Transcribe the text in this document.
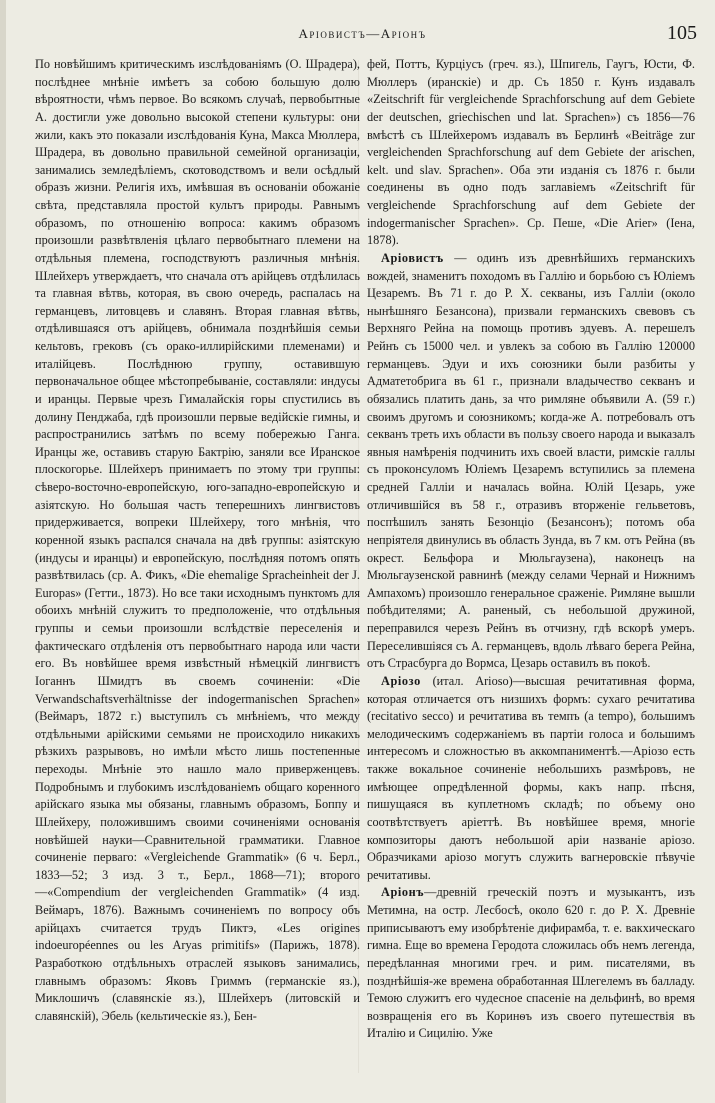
Аріовистъ—Аріонъ	105

По новѣйшимъ критическимъ изслѣдованіямъ (О. Шрадера), послѣднее мнѣніе имѣетъ за собою большую долю вѣроятности, чѣмъ первое. Во всякомъ случаѣ, первобытные А. достигли уже довольно высокой степени культуры: они жили, какъ это показали изслѣдованія Куна, Макса Мюллера, Шрадера, въ довольно правильной семейной организаціи, занимались земледѣліемъ, скотоводствомъ и вели осѣдлый образъ жизни. Религія ихъ, имѣвшая въ основаніи обожаніе свѣта, представляла простой культъ природы. Равнымъ образомъ, по отношенію вопроса: какимъ образомъ произошли развѣтвленія цѣлаго первобытнаго племени на отдѣльныя племена, господствуютъ различныя мнѣнія. Шлейхеръ утверждаетъ, что сначала отъ арійцевъ отдѣлилась та главная вѣтвь, которая, въ свою очередь, распалась на германцевъ, литовцевъ и славянъ. Вторая главная вѣтвь, отдѣлившаяся отъ арійцевъ, обнимала позднѣйшія семьи кельтовъ, грековъ (съ орако-иллирійскими племенами) и италійцевъ. Послѣднюю группу, оставившую первоначальное общее мѣстопребываніе, составляли: индусы и иранцы. Первые чрезъ Гималайскія горы спустились въ долину Пенджаба, гдѣ произошли первые ведійскіе гимны, и распространились затѣмъ по всему побережью Ганга. Иранцы же, оставивъ старую Бактрію, заняли все Иранское плоскогорье. Шлейхеръ принимаетъ по этому три группы: сѣверо-восточно-европейскую, юго-западно-европейскую и азіятскую. Но большая часть теперешнихъ лингвистовъ придерживается, вопреки Шлейхеру, того мнѣнія, что коренной языкъ распался сначала на двѣ группы: азіятскую (индусы и иранцы) и европейскую, послѣдняя потомъ опять развѣтвилась (ср. А. Фикъ, «Die ehemalige Spracheinheit der J. Europas» (Гетти., 1873). Но все таки исходнымъ пунктомъ для обоихъ мнѣній служитъ то предположеніе, что отдѣльныя группы и семьи произошли вслѣдствіе переселенія и фактическаго отдѣленія отъ первобытнаго народа или части его. Въ новѣйшее время извѣстный нѣмецкій лингвистъ Іоганнъ Шмидтъ въ своемъ сочиненіи: «Die Verwandschaftsverhältnisse der indogermanischen Sprachen» (Веймаръ, 1872 г.) выступилъ съ мнѣніемъ, что между отдѣльными арійскими семьями не происходило никакихъ рѣзкихъ разрывовъ, но имѣли мѣсто лишь постепенные переходы. Мнѣніе это нашло мало приверженцевъ. Подробнымъ и глубокимъ изслѣдованіемъ общаго коренного арійскаго языка мы обязаны, главнымъ образомъ, Боппу и Шлейхеру, положившимъ своими сочиненіями основанія новѣйшей науки—Сравнительной грамматики. Главное сочиненіе перваго: «Vergleichende Grammatik» (6 ч. Берл., 1833—52; 3 изд. 3 т., Берл., 1868—71); второго—«Compendium der vergleichenden Grammatik» (4 изд. Веймаръ, 1876). Важнымъ сочиненіемъ по вопросу объ арійцахъ считается трудъ Пиктэ, «Les origines indoeuropéennes ou les Aryas primitifs» (Парижъ, 1878). Разработкою отдѣльныхъ отраслей языковъ занимались, главнымъ образомъ: Яковъ Гриммъ (германскіе яз.), Миклошичъ (славянскіе яз.), Шлейхеръ (литовскій и славянскій), Эбель (кельтическіе яз.), Бен-

фей, Поттъ, Курціусъ (греч. яз.), Шпигель, Гаугъ, Юсти, Ф. Мюллеръ (иранскіе) и др. Съ 1850 г. Кунъ издавалъ «Zeitschrift für vergleichende Sprachforschung auf dem Gebiete der deutschen, griechischen und lat. Sprachen») съ 1856—76 вмѣстѣ съ Шлейхеромъ издавалъ въ Берлинѣ «Beiträge zur vergleichenden Sprachforschung auf dem Gebiete der arischen, kelt. und slav. Sprachen». Оба эти изданія съ 1876 г. были соединены въ одно подъ заглавіемъ «Zeitschrift für vergleichende Sprachforschung auf dem Gebiete der indogermanischer Sprachen». Ср. Пеше, «Die Arier» (Іена, 1878).

Аріовистъ — одинъ изъ древнѣйшихъ германскихъ вождей, знаменитъ походомъ въ Галлію и борьбою съ Юліемъ Цезаремъ. Въ 71 г. до Р. Х. секваны, изъ Галліи (около нынѣшняго Безансона), призвали германскихъ свевовъ съ Верхняго Рейна на помощь противъ эдуевъ. А. перешелъ Рейнъ съ 15000 чел. и увлекъ за собою въ Галлію 120000 германцевъ. Эдуи и ихъ союзники были разбиты у Адматетобрига въ 61 г., признали владычество секванъ и обязались платить дань, за что римляне объявили А. (59 г.) своимъ другомъ и союзникомъ; когда-же А. потребовалъ отъ секванъ треть ихъ области въ пользу своего народа и выказалъ явныя намѣренія подчинить ихъ своей власти, римскіе галлы съ проконсуломъ Юліемъ Цезаремъ вступились за племена средней Галліи и началась война. Юлій Цезарь, уже отличившійся въ 58 г., отразивъ вторженіе гельветовъ, поспѣшилъ занять Безонціо (Безансонъ); потомъ оба непріятеля двинулись въ область Зунда, въ 7 км. отъ Рейна (въ окрест. Бельфора и Мюльгаузена), наконецъ на Мюльгаузенской равнинѣ (между селами Чернай и Нижнимъ Ампахомъ) произошло генеральное сраженіе. Римляне вышли побѣдителями; А. раненый, съ небольшой дружиной, переправился черезъ Рейнъ въ отчизну, гдѣ вскорѣ умеръ. Переселившіяся съ А. германцевъ, вдоль лѣваго берега Рейна, отъ Страсбурга до Вормса, Цезарь оставилъ въ покоѣ.

Аріозо (итал. Arioso)—высшая речитативная форма, которая отличается отъ низшихъ формъ: сухаго речитатива (recitativo secco) и речитатива въ темпъ (a tempo), большимъ мелодическимъ содержаніемъ въ партіи голоса и большимъ интересомъ и сложностью въ аккомпаниментѣ.—Аріозо есть также вокальное сочиненіе небольшихъ размѣровъ, не имѣющее опредѣленной формы, какъ напр. пѣсня, пишущаяся въ куплетномъ складѣ; по объему оно соотвѣтствуетъ аріеттѣ. Въ новѣйшее время, многіе композиторы даютъ небольшой аріи названіе аріозо. Образчиками аріозо могутъ служить вагнеровскіе пѣвучіе речитативы.

Аріонъ—древній греческій поэтъ и музыкантъ, изъ Метимна, на остр. Лесбосѣ, около 620 г. до Р. Х. Древніе приписываютъ ему изобрѣтеніе дифирамба, т. е. вакхическаго гимна. Еще во времена Геродота сложилась объ немъ легенда, передѣланная многими греч. и рим. писателями, въ позднѣйшія-же времена обработанная Шлегелемъ въ балладу. Темою служитъ его чудесное спасеніе на дельфинѣ, во время возвращенія его въ Коринѳъ изъ своего путешествія въ Италію и Сицилію. Уже
